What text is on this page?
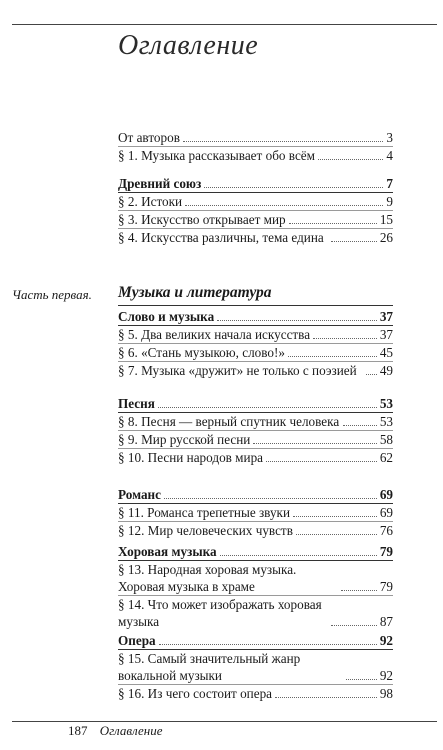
Оглавление
От авторов	3
§ 1. Музыка рассказывает обо всём	4
Древний союз	7
§ 2. Истоки	9
§ 3. Искусство открывает мир	15
§ 4. Искусства различны, тема едина	26
Часть первая. Музыка и литература
Слово и музыка	37
§ 5. Два великих начала искусства	37
§ 6. «Стань музыкою, слово!»	45
§ 7. Музыка «дружит» не только с поэзией	49
Песня	53
§ 8. Песня — верный спутник человека	53
§ 9. Мир русской песни	58
§ 10. Песни народов мира	62
Романс	69
§ 11. Романса трепетные звуки	69
§ 12. Мир человеческих чувств	76
Хоровая музыка	79
§ 13. Народная хоровая музыка. Хоровая музыка в храме	79
§ 14. Что может изображать хоровая музыка	87
Опера	92
§ 15. Самый значительный жанр вокальной музыки	92
§ 16. Из чего состоит опера	98
187 Оглавление
